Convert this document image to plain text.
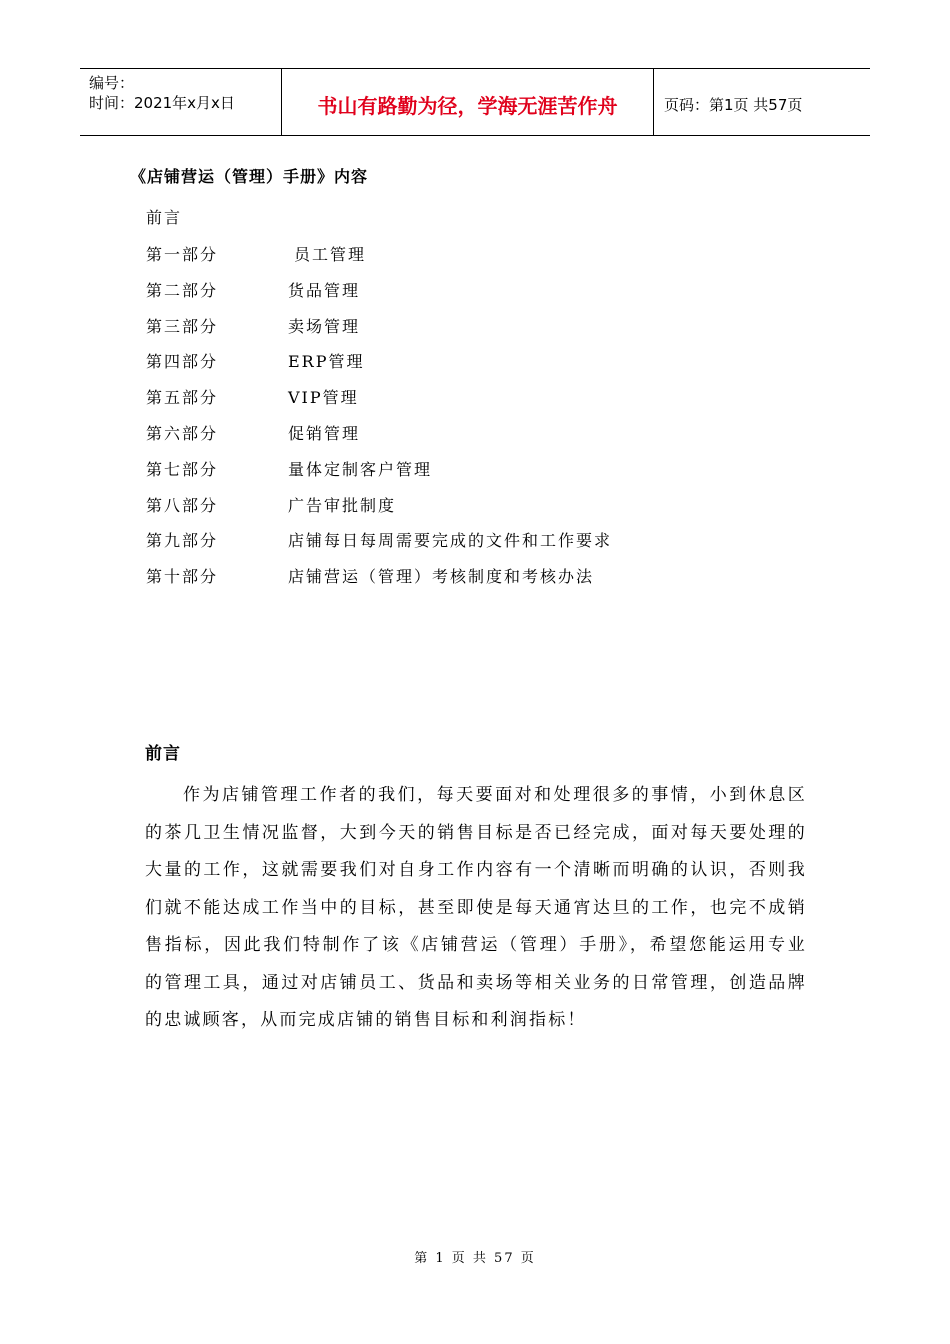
编号：
时间：2021年x月x日	书山有路勤为径，学海无涯苦作舟	页码：第1页 共57页
《店铺营运（管理）手册》内容
前言
第一部分	员工管理
第二部分	货品管理
第三部分	卖场管理
第四部分	ERP管理
第五部分	VIP管理
第六部分	促销管理
第七部分	量体定制客户管理
第八部分	广告审批制度
第九部分	店铺每日每周需要完成的文件和工作要求
第十部分	店铺营运（管理）考核制度和考核办法
前言

作为店铺管理工作者的我们，每天要面对和处理很多的事情，小到休息区的茶几卫生情况监督，大到今天的销售目标是否已经完成，面对每天要处理的大量的工作，这就需要我们对自身工作内容有一个清晰而明确的认识，否则我们就不能达成工作当中的目标，甚至即使是每天通宵达旦的工作，也完不成销售指标，因此我们特制作了该《店铺营运（管理）手册》，希望您能运用专业的管理工具，通过对店铺员工、货品和卖场等相关业务的日常管理，创造品牌的忠诚顾客，从而完成店铺的销售目标和利润指标！

第 1 页 共 57 页
